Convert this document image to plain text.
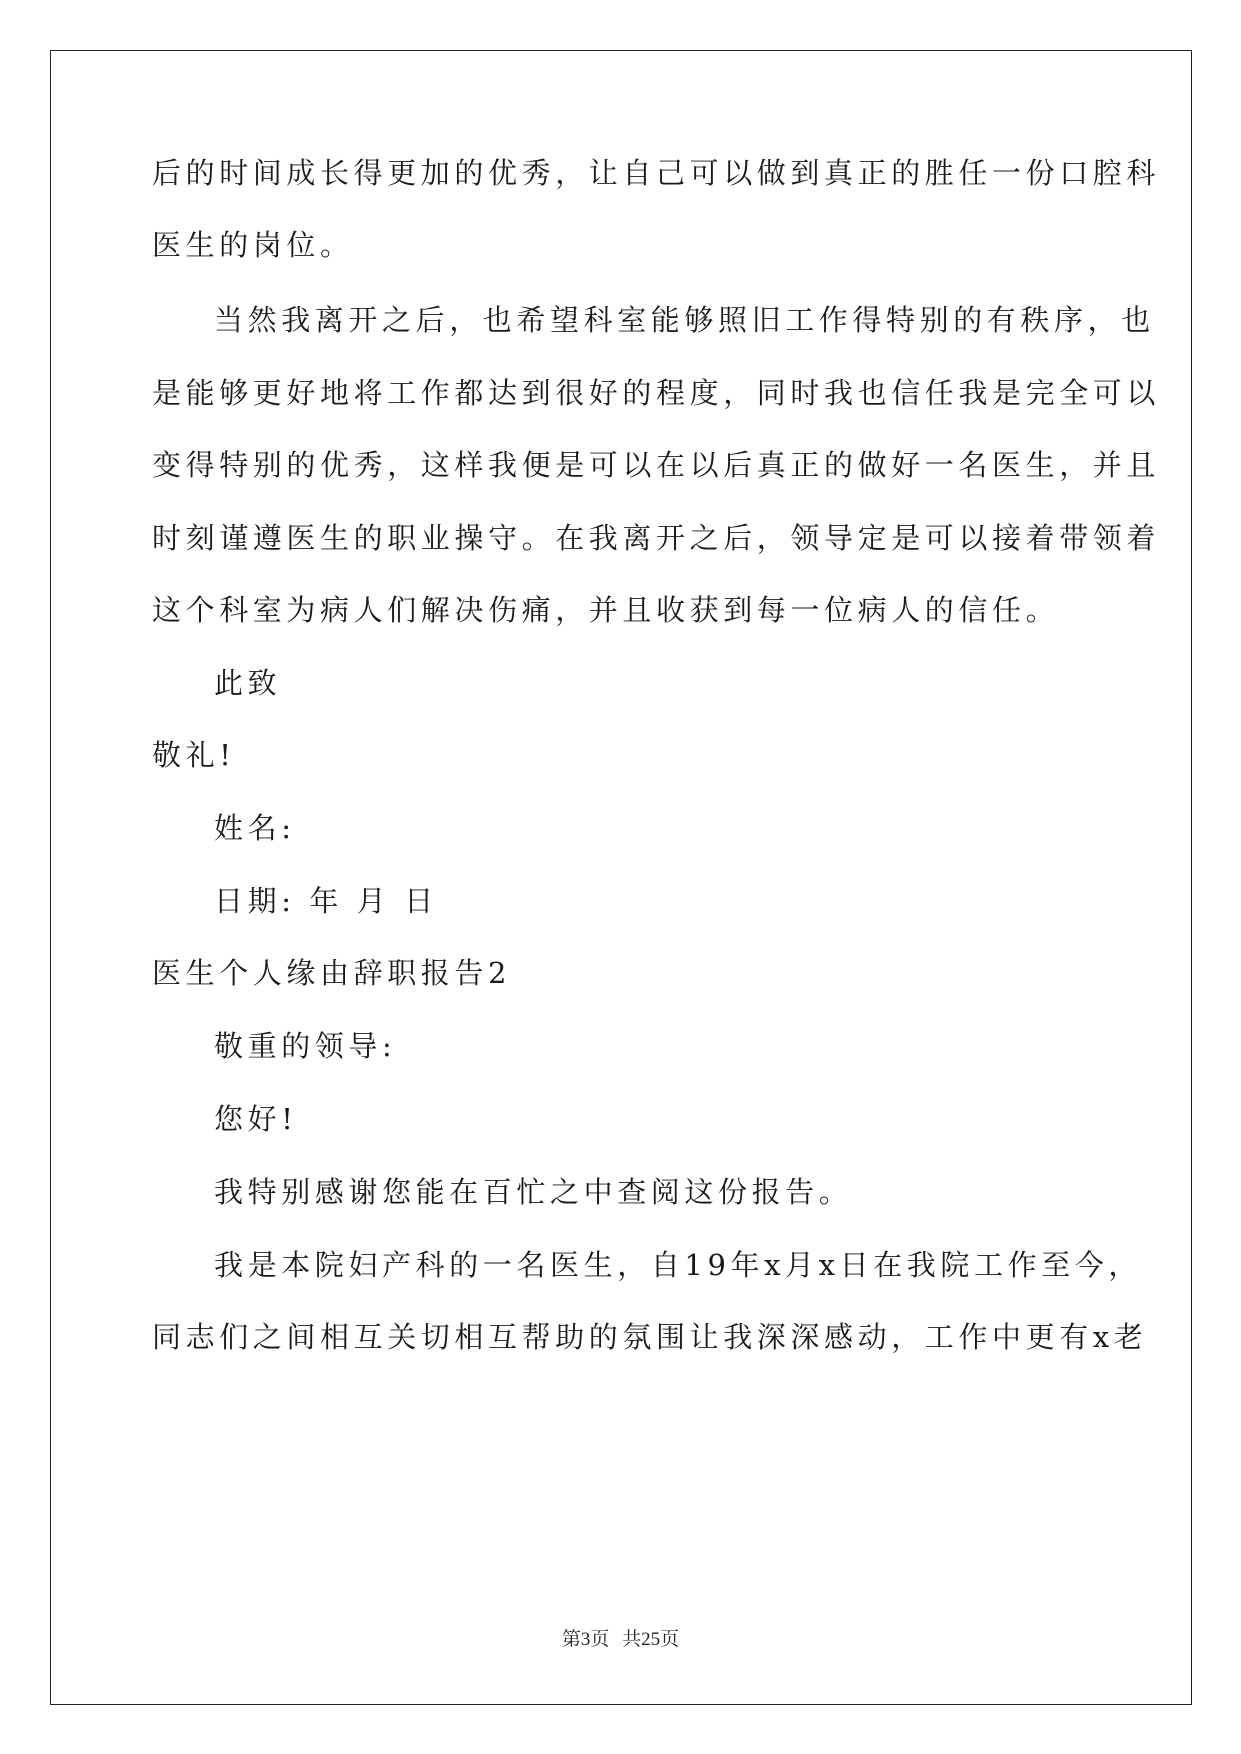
后的时间成长得更加的优秀，让自己可以做到真正的胜任一份口腔科
医生的岗位。
当然我离开之后，也希望科室能够照旧工作得特别的有秩序，也
是能够更好地将工作都达到很好的程度，同时我也信任我是完全可以
变得特别的优秀，这样我便是可以在以后真正的做好一名医生，并且
时刻谨遵医生的职业操守。在我离开之后，领导定是可以接着带领着
这个科室为病人们解决伤痛，并且收获到每一位病人的信任。
此致
敬礼!
姓名:
日期: 年 月 日
医生个人缘由辞职报告2
敬重的领导:
您好!
我特别感谢您能在百忙之中查阅这份报告。
我是本院妇产科的一名医生，自19年x月x日在我院工作至今，
同志们之间相互关切相互帮助的氛围让我深深感动，工作中更有x老
第3页 共25页
